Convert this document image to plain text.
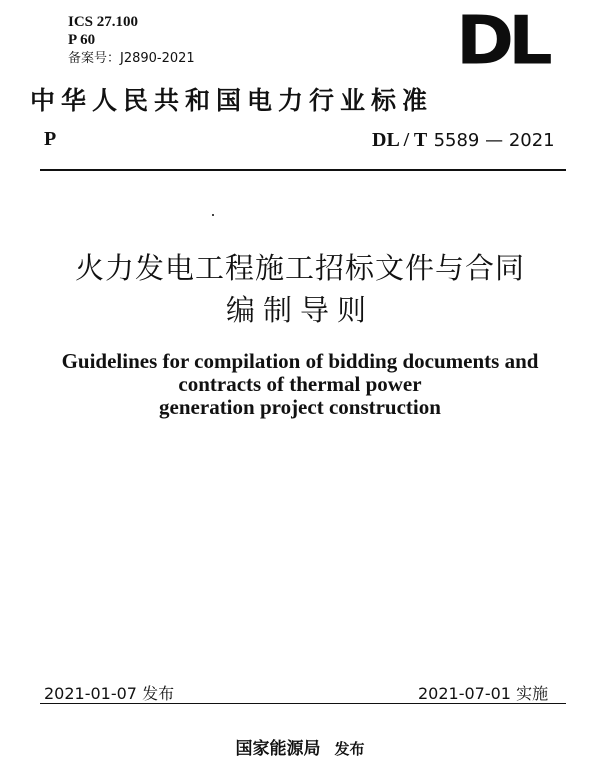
ICS 27.100
P 60
备案号：J2890-2021	DL
中华人民共和国电力行业标准
P	DL / T 5589 — 2021
火力发电工程施工招标文件与合同
编制导则
Guidelines for compilation of bidding documents and
contracts of thermal power
generation project construction
2021-01-07 发布	2021-07-01 实施
国家能源局 发布
